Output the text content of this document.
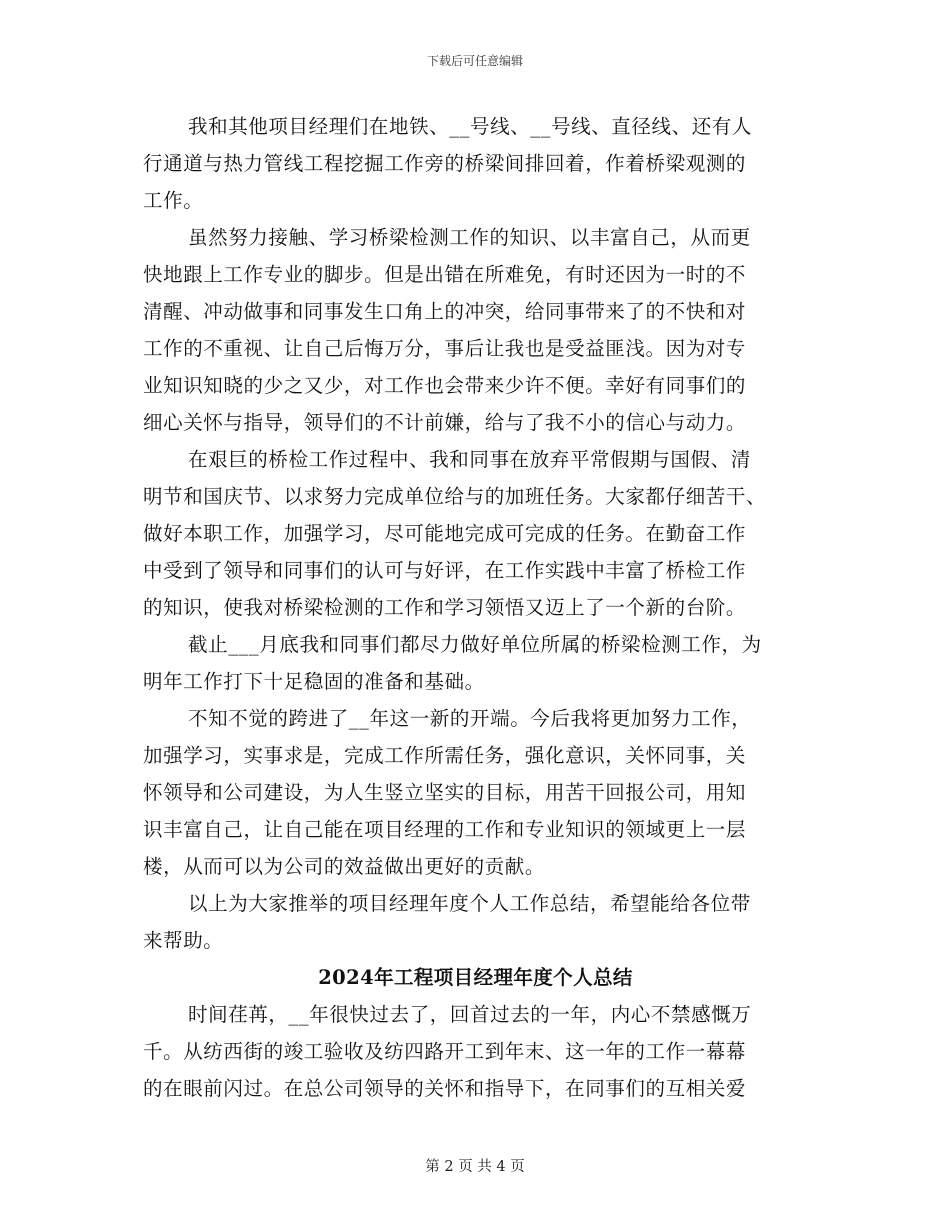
下载后可任意编辑
我和其他项目经理们在地铁、__号线、__号线、直径线、还有人
行通道与热力管线工程挖掘工作旁的桥梁间排回着，作着桥梁观测的
工作。
虽然努力接触、学习桥梁检测工作的知识、以丰富自己，从而更
快地跟上工作专业的脚步。但是出错在所难免，有时还因为一时的不
清醒、冲动做事和同事发生口角上的冲突，给同事带来了的不快和对
工作的不重视、让自己后悔万分，事后让我也是受益匪浅。因为对专
业知识知晓的少之又少，对工作也会带来少许不便。幸好有同事们的
细心关怀与指导，领导们的不计前嫌，给与了我不小的信心与动力。
在艰巨的桥检工作过程中、我和同事在放弃平常假期与国假、清
明节和国庆节、以求努力完成单位给与的加班任务。大家都仔细苦干、
做好本职工作，加强学习，尽可能地完成可完成的任务。在勤奋工作
中受到了领导和同事们的认可与好评，在工作实践中丰富了桥检工作
的知识，使我对桥梁检测的工作和学习领悟又迈上了一个新的台阶。
截止___月底我和同事们都尽力做好单位所属的桥梁检测工作，为
明年工作打下十足稳固的准备和基础。
不知不觉的跨进了__年这一新的开端。今后我将更加努力工作，
加强学习，实事求是，完成工作所需任务，强化意识，关怀同事，关
怀领导和公司建设，为人生竖立坚实的目标，用苦干回报公司，用知
识丰富自己，让自己能在项目经理的工作和专业知识的领域更上一层
楼，从而可以为公司的效益做出更好的贡献。
以上为大家推举的项目经理年度个人工作总结，希望能给各位带
来帮助。
2024年工程项目经理年度个人总结
时间荏苒，__年很快过去了，回首过去的一年，内心不禁感慨万
千。从纺西街的竣工验收及纺四路开工到年末、这一年的工作一幕幕
的在眼前闪过。在总公司领导的关怀和指导下，在同事们的互相关爱
第 2 页 共 4 页
